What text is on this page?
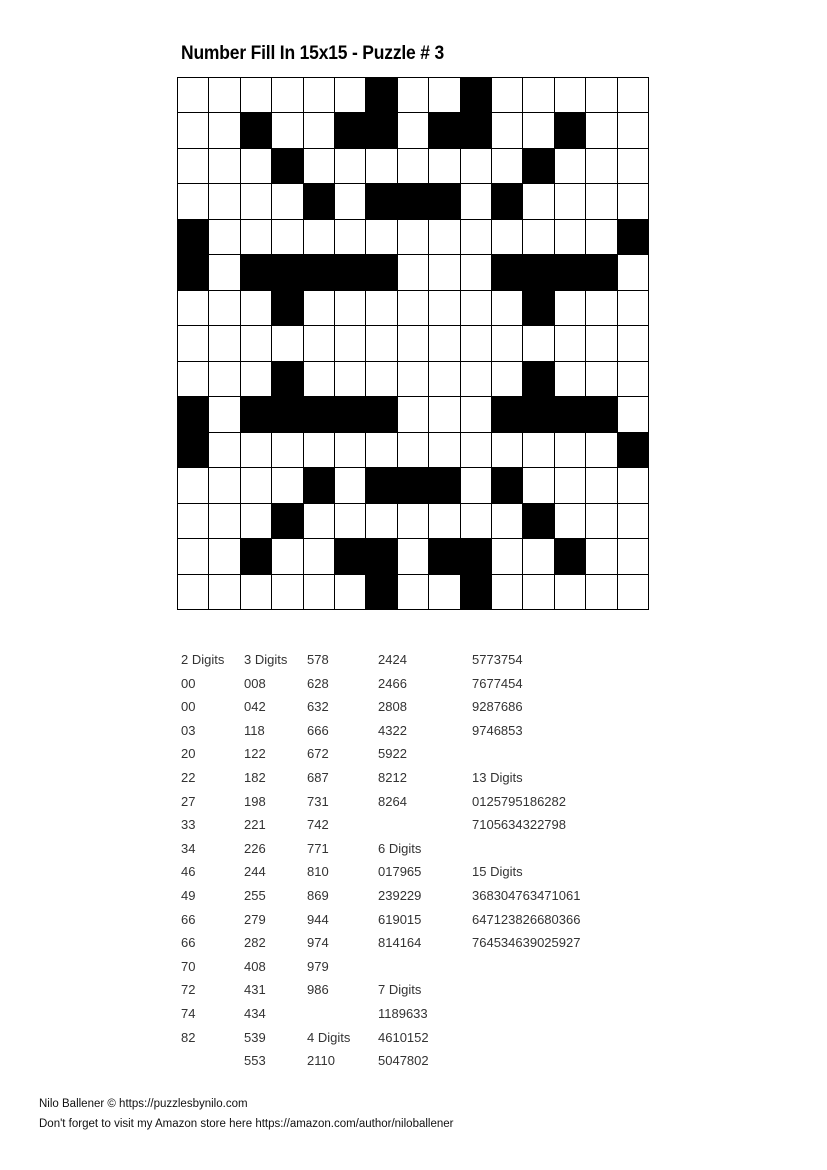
Number Fill In 15x15 - Puzzle # 3
2 Digits
00
00
03
20
22
27
33
34
46
49
66
66
70
72
74
82
3 Digits
008
042
118
122
182
198
221
226
244
255
279
282
408
431
434
539
553
578
628
632
666
672
687
731
742
771
810
869
944
974
979
986
4 Digits
2110
2424
2466
2808
4322
5922
8212
8264
6 Digits
017965
239229
619015
814164
7 Digits
1189633
4610152
5047802
5773754
7677454
9287686
9746853
13 Digits
0125795186282
7105634322798
15 Digits
368304763471061
647123826680366
764534639025927
Nilo Ballener © https://puzzlesbynilo.com
Don't forget to visit my Amazon store here https://amazon.com/author/niloballener
